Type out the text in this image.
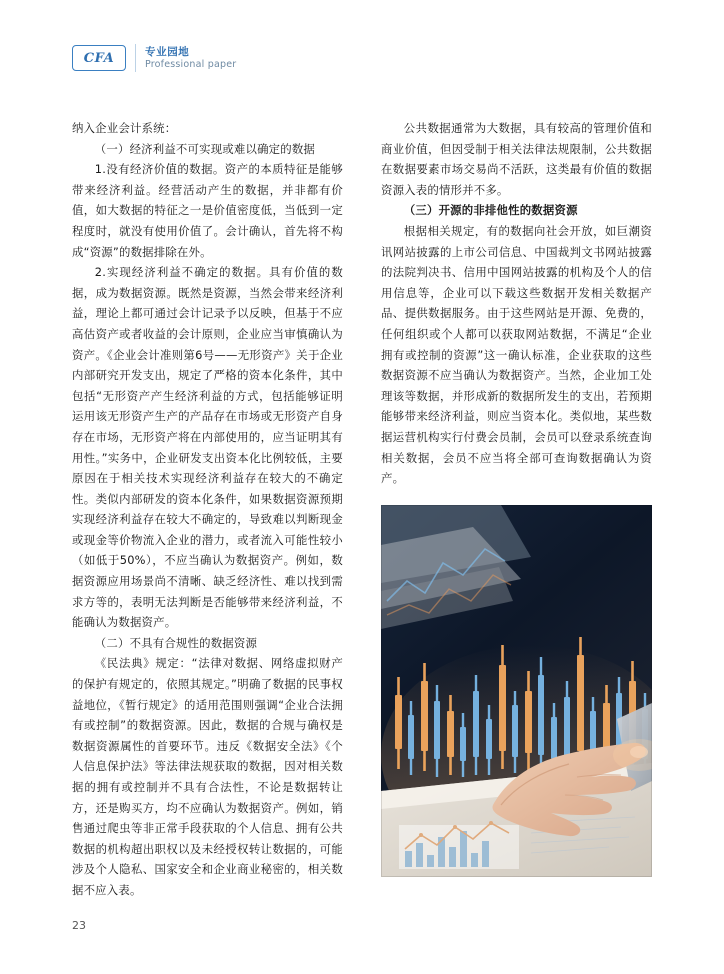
CFA	专业园地
Professional paper

纳入企业会计系统：

（一）经济利益不可实现或难以确定的数据

1.没有经济价值的数据。资产的本质特征是能够带来经济利益。经营活动产生的数据，并非都有价值，如大数据的特征之一是价值密度低，当低到一定程度时，就没有使用价值了。会计确认，首先将不构成“资源”的数据排除在外。

2.实现经济利益不确定的数据。具有价值的数据，成为数据资源。既然是资源，当然会带来经济利益，理论上都可通过会计记录予以反映，但基于不应高估资产或者收益的会计原则，企业应当审慎确认为资产。《企业会计准则第6号——无形资产》关于企业内部研究开发支出，规定了严格的资本化条件，其中包括“无形资产产生经济利益的方式，包括能够证明运用该无形资产生产的产品存在市场或无形资产自身存在市场，无形资产将在内部使用的，应当证明其有用性。”实务中，企业研发支出资本化比例较低，主要原因在于相关技术实现经济利益存在较大的不确定性。类似内部研发的资本化条件，如果数据资源预期实现经济利益存在较大不确定的，导致难以判断现金或现金等价物流入企业的潜力，或者流入可能性较小（如低于50%），不应当确认为数据资产。例如，数据资源应用场景尚不清晰、缺乏经济性、难以找到需求方等的，表明无法判断是否能够带来经济利益，不能确认为数据资产。

（二）不具有合规性的数据资源

《民法典》规定：“法律对数据、网络虚拟财产的保护有规定的，依照其规定。”明确了数据的民事权益地位，《暂行规定》的适用范围则强调“企业合法拥有或控制”的数据资源。因此，数据的合规与确权是数据资源属性的首要环节。违反《数据安全法》《个人信息保护法》等法律法规获取的数据，因对相关数据的拥有或控制并不具有合法性，不论是数据转让方，还是购买方，均不应确认为数据资产。例如，销售通过爬虫等非正常手段获取的个人信息、拥有公共数据的机构超出职权以及未经授权转让数据的，可能涉及个人隐私、国家安全和企业商业秘密的，相关数据不应入表。

公共数据通常为大数据，具有较高的管理价值和商业价值，但因受制于相关法律法规限制，公共数据在数据要素市场交易尚不活跃，这类最有价值的数据资源入表的情形并不多。

（三）开源的非排他性的数据资源

根据相关规定，有的数据向社会开放，如巨潮资讯网站披露的上市公司信息、中国裁判文书网站披露的法院判决书、信用中国网站披露的机构及个人的信用信息等，企业可以下载这些数据开发相关数据产品、提供数据服务。由于这些网站是开源、免费的，任何组织或个人都可以获取网站数据，不满足“企业拥有或控制的资源”这一确认标准，企业获取的这些数据资源不应当确认为数据资产。当然，企业加工处理该等数据，并形成新的数据所发生的支出，若预期能够带来经济利益，则应当资本化。类似地，某些数据运营机构实行付费会员制，会员可以登录系统查询相关数据，会员不应当将全部可查询数据确认为资产。

23
